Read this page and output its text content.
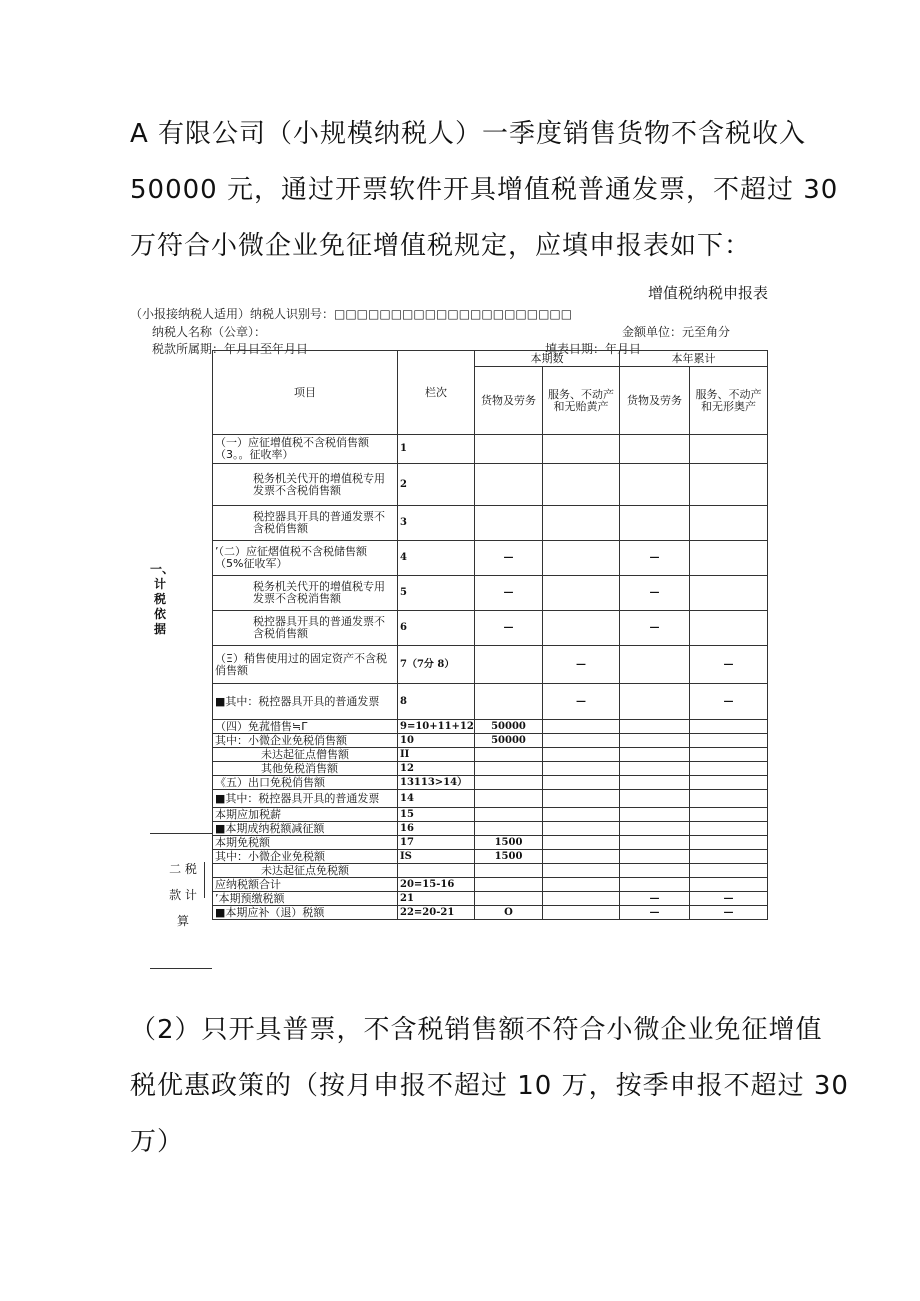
A 有限公司（小规模纳税人）一季度销售货物不含税收入
50000 元，通过开票软件开具增值税普通发票，不超过 30
万符合小微企业免征增值税规定，应填申报表如下：
增值税纳税申报表
（小报接纳税人适用）纳税人识别号：□□□□□□□□□□□□□□□□□□□□□
纳税人名称（公章）：	金额单位：元至角分
税款所属期：年月日至年月日	填表日期：年月日
一、计税依据
二 税 款 计算
项目	栏次	本期数		本年累计	
		货物及劳务	服务、不动产和无贻黄产	货物及劳务	服务、不动产和无形奥产
（一）应征增值税不含税俏售额（3。。征收率）	1				
税务机关代开的增值税专用发票不含税俏售额	2				
税控器具开具的普通发票不含税俏售额	3				
’（二）应征熠值税不含税储售额（5%征收军）	4	—		—	
税务机关代开的增值税专用发票不含税消售额	5	—		—	
税控器具开具的普通发票不含税俏售额	6	—		—	
（Ξ）稍售使用过的固定资产不含税俏售额	7（7分 8）		—		—
■其中：税控器具开具的普通发票	8		—		—
（四）免菰惜售≒Γ	9=10+11+12	50000			
其中：小微企业免税俏售额	10	50000			
未达起征点僧售额	II				
其他免税消售额	12				
《五）出口免税俏售额	13113>14）				
■其中：税控器具开具的普通发票	14				
本期应加税薪	15				
■本期成纳税额减征额	16				
本期免税额	17	1500			
其中：小微企业免税额	IS	1500			
未达起征点免税额					
应纳税额合计	20=15-16				
’本期预缴税额	21			—	—
■本期应补（退）税额	22=20-21	O		—	—
（2）只开具普票，不含税销售额不符合小微企业免征增值
税优惠政策的（按月申报不超过 10 万，按季申报不超过 30
万）
